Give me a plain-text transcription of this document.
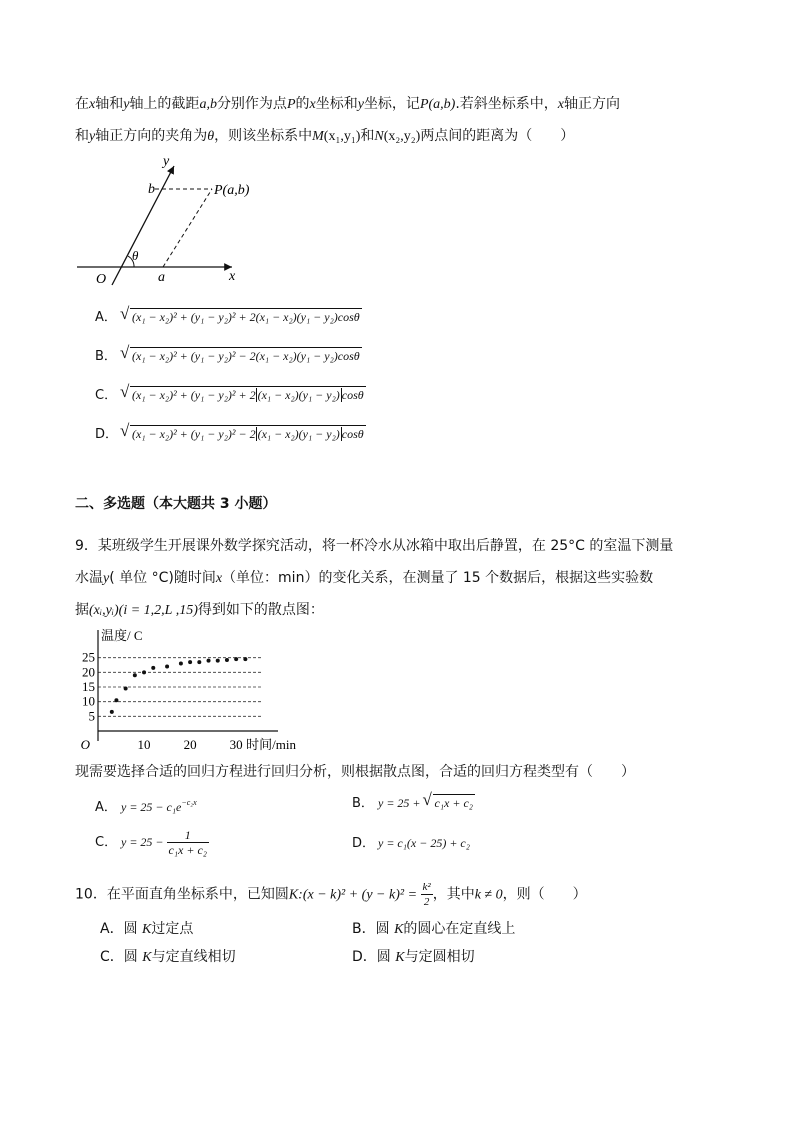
在x轴和y轴上的截距a,b分别作为点P的x坐标和y坐标，记P(a,b).若斜坐标系中，x轴正方向
和y轴正方向的夹角为θ，则该坐标系中M(x₁,y₁)和N(x₂,y₂)两点间的距离为（　　）
y
x
b
a
O
θ
P(a,b)
A． √ (x₁ − x₂)² + (y₁ − y₂)² + 2(x₁ − x₂)(y₁ − y₂)cosθ
B． √ (x₁ − x₂)² + (y₁ − y₂)² − 2(x₁ − x₂)(y₁ − y₂)cosθ
C． √ (x₁ − x₂)² + (y₁ − y₂)² + 2 (x₁ − x₂)(y₁ − y₂) cosθ
D． √ (x₁ − x₂)² + (y₁ − y₂)² − 2 (x₁ − x₂)(y₁ − y₂) cosθ
二、多选题（本大题共 3 小题）
9．某班级学生开展课外数学探究活动，将一杯冷水从冰箱中取出后静置，在 25°C 的室温下测量
水温y( 单位 °C)随时间x（单位：min）的变化关系，在测量了 15 个数据后，根据这些实验数
据(xᵢ,yᵢ)(i = 1,2,L ,15)得到如下的散点图：
5
10
15
20
25
10	20	30
O
温度/ C
时间/min
现需要选择合适的回归方程进行回归分析，则根据散点图，合适的回归方程类型有（　　）
A． $y = 25 - c_1e^{-c_2x}$	B． y = 25 + √ c₁x + c₂
C． $y = 25 - \frac{1}{\text{c₁x + c₂}}$	D． y = c₁(x − 25) + c₂
10．在平面直角坐标系中，已知圆K:(x − $k)^2 + (y - k)^2 = \frac{\text{k²}}{2}$ ，其中k ≠ 0，则（　　）
A．圆 K过定点	B．圆 K的圆心在定直线上
C．圆 K与定直线相切	D．圆 K与定圆相切
